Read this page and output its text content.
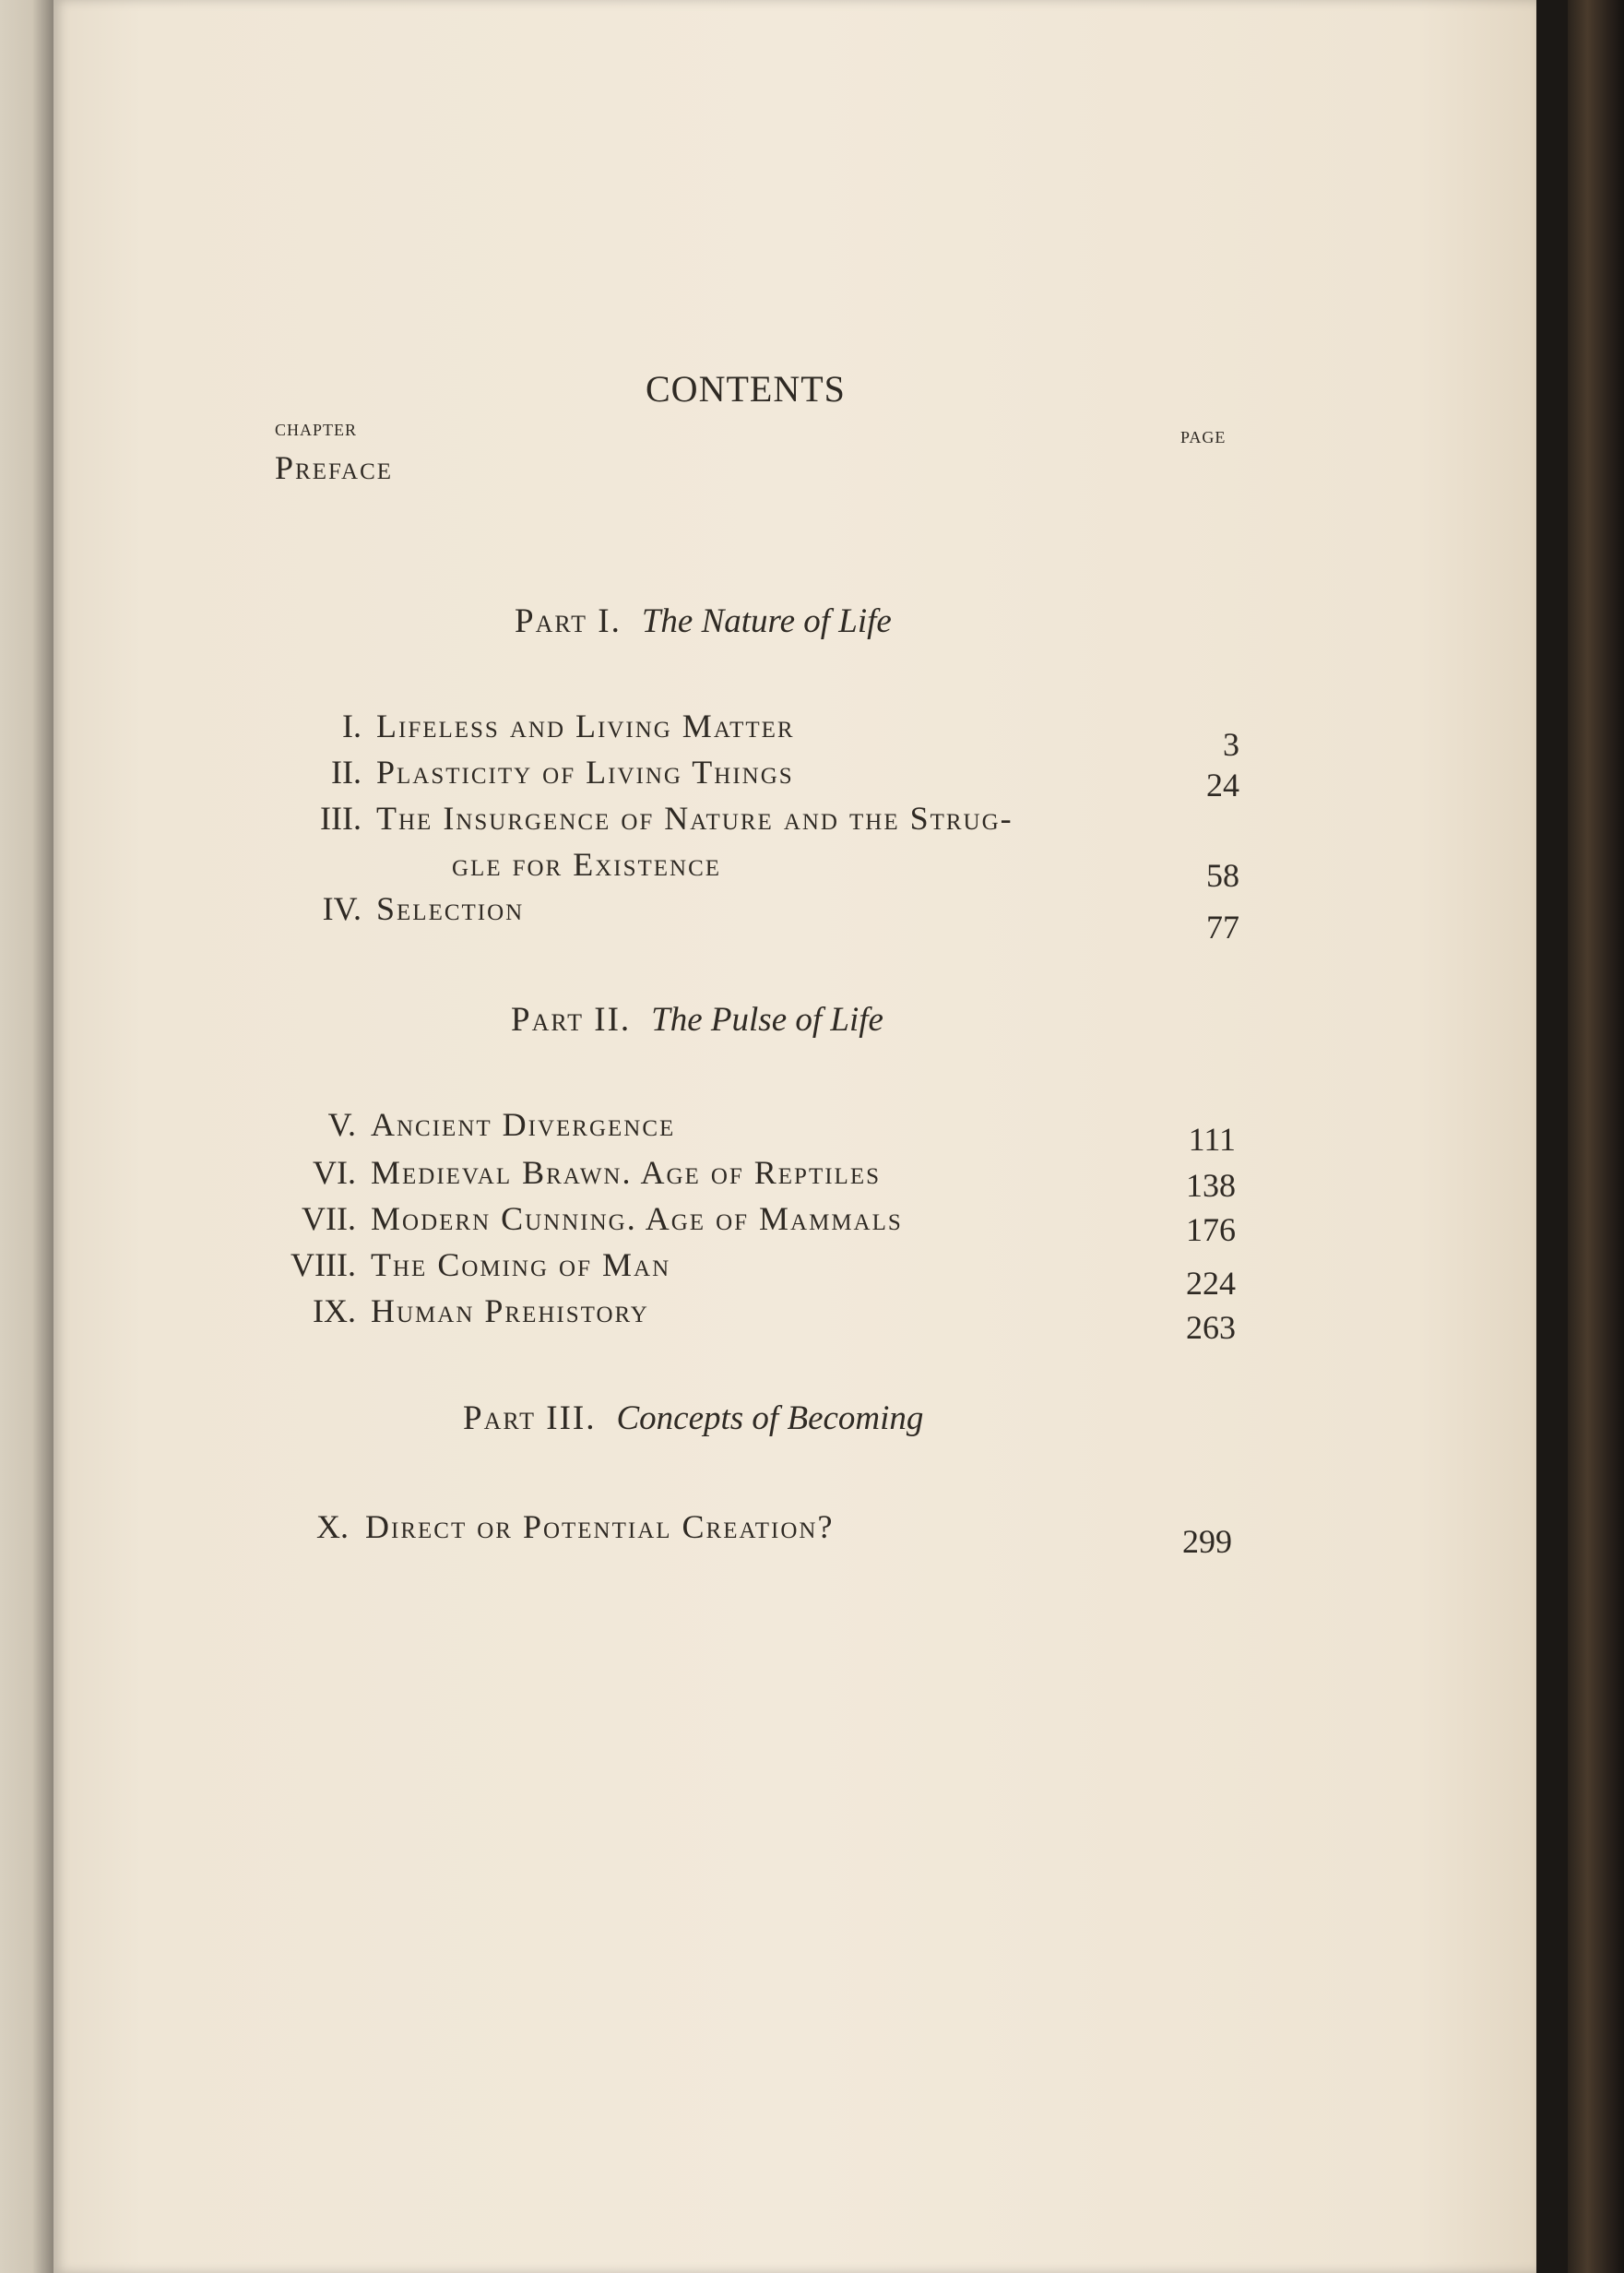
CONTENTS
CHAPTER	PAGE
Preface
Part I. The Nature of Life
I. Lifeless and Living Matter	3
II. Plasticity of Living Things	24
III. The Insurgence of Nature and the Strug-
gle for Existence	58
IV. Selection	77
Part II. The Pulse of Life
V. Ancient Divergence	111
VI. Medieval Brawn. Age of Reptiles	138
VII. Modern Cunning. Age of Mammals	176
VIII. The Coming of Man	224
IX. Human Prehistory	263
Part III. Concepts of Becoming
X. Direct or Potential Creation?	299
